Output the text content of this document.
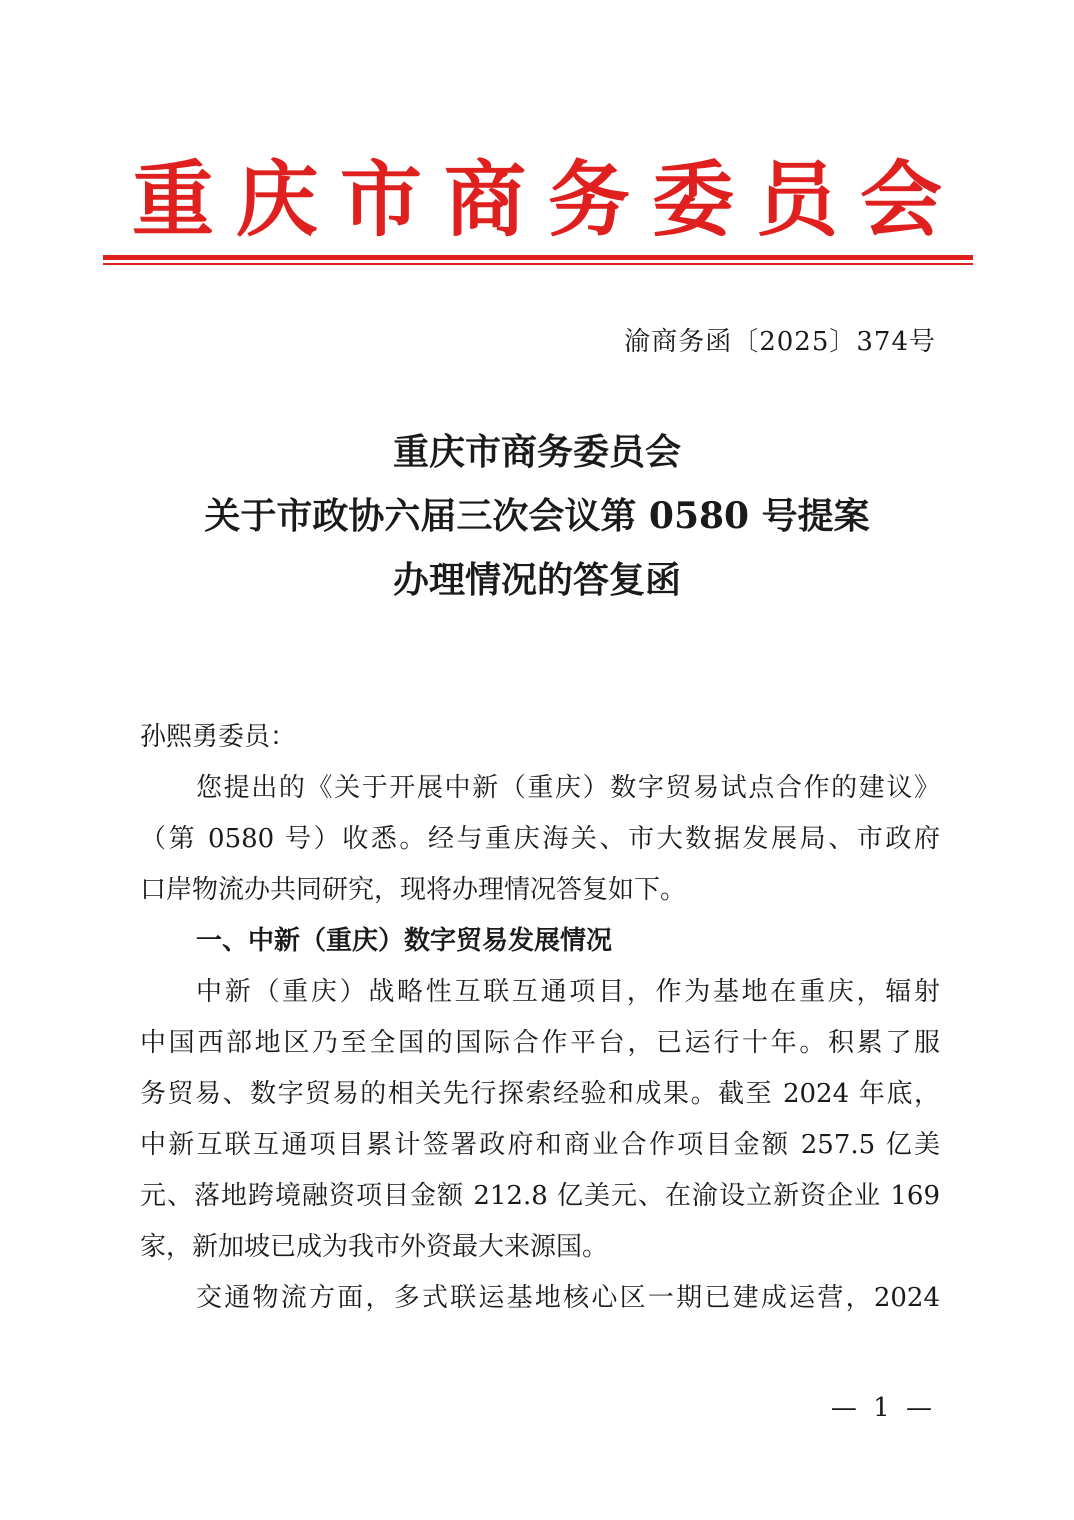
重庆市商务委员会
渝商务函〔2025〕374号
重庆市商务委员会
关于市政协六届三次会议第 0580 号提案
办理情况的答复函
孙熙勇委员：
您提出的《关于开展中新（重庆）数字贸易试点合作的建议》
（第 0580 号）收悉。经与重庆海关、市大数据发展局、市政府
口岸物流办共同研究，现将办理情况答复如下。
一、中新（重庆）数字贸易发展情况
中新（重庆）战略性互联互通项目，作为基地在重庆，辐射
中国西部地区乃至全国的国际合作平台，已运行十年。积累了服
务贸易、数字贸易的相关先行探索经验和成果。截至 2024 年底，
中新互联互通项目累计签署政府和商业合作项目金额 257.5 亿美
元、落地跨境融资项目金额 212.8 亿美元、在渝设立新资企业 169
家，新加坡已成为我市外资最大来源国。
交通物流方面，多式联运基地核心区一期已建成运营，2024
— 1 —
